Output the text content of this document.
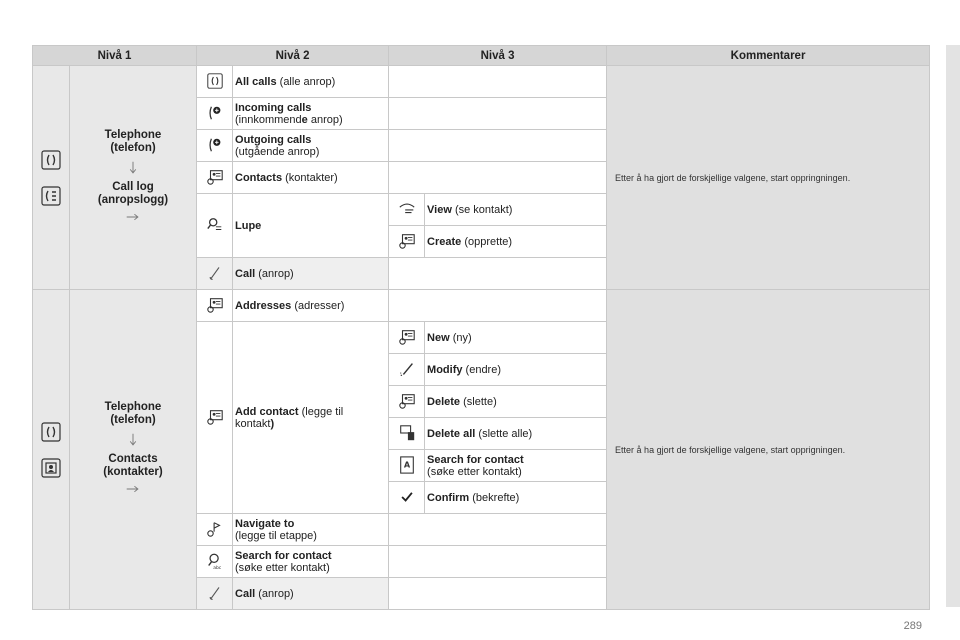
Nivå 1		Nivå 2		Nivå 3		Kommentarer

Telephone
(telefon)
Call log
(anropslogg)		All calls (alle anrop)			Etter å ha gjort de forskjellige valgene, start oppringningen.
	Incoming calls
(innkommende anrop)			
	Outgoing calls
(utgående anrop)			
	Contacts (kontakter)			
	Lupe		View (se kontakt)	
	Create (opprette)	
	Call (anrop)			

Telephone
(telefon)
Contacts
(kontakter)		Addresses (adresser)			Etter å ha gjort de forskjellige valgene, start opprigningen.
	Add contact (legge til
kontakt)		New (ny)	
	Modify (endre)	
	Delete (slette)	
	Delete all (slette alle)	
	Search for contact
(søke etter kontakt)	
	Confirm (bekrefte)	
	Navigate to
(legge til etappe)			
	Search for contact
(søke etter kontakt)			
	Call (anrop)			
289
